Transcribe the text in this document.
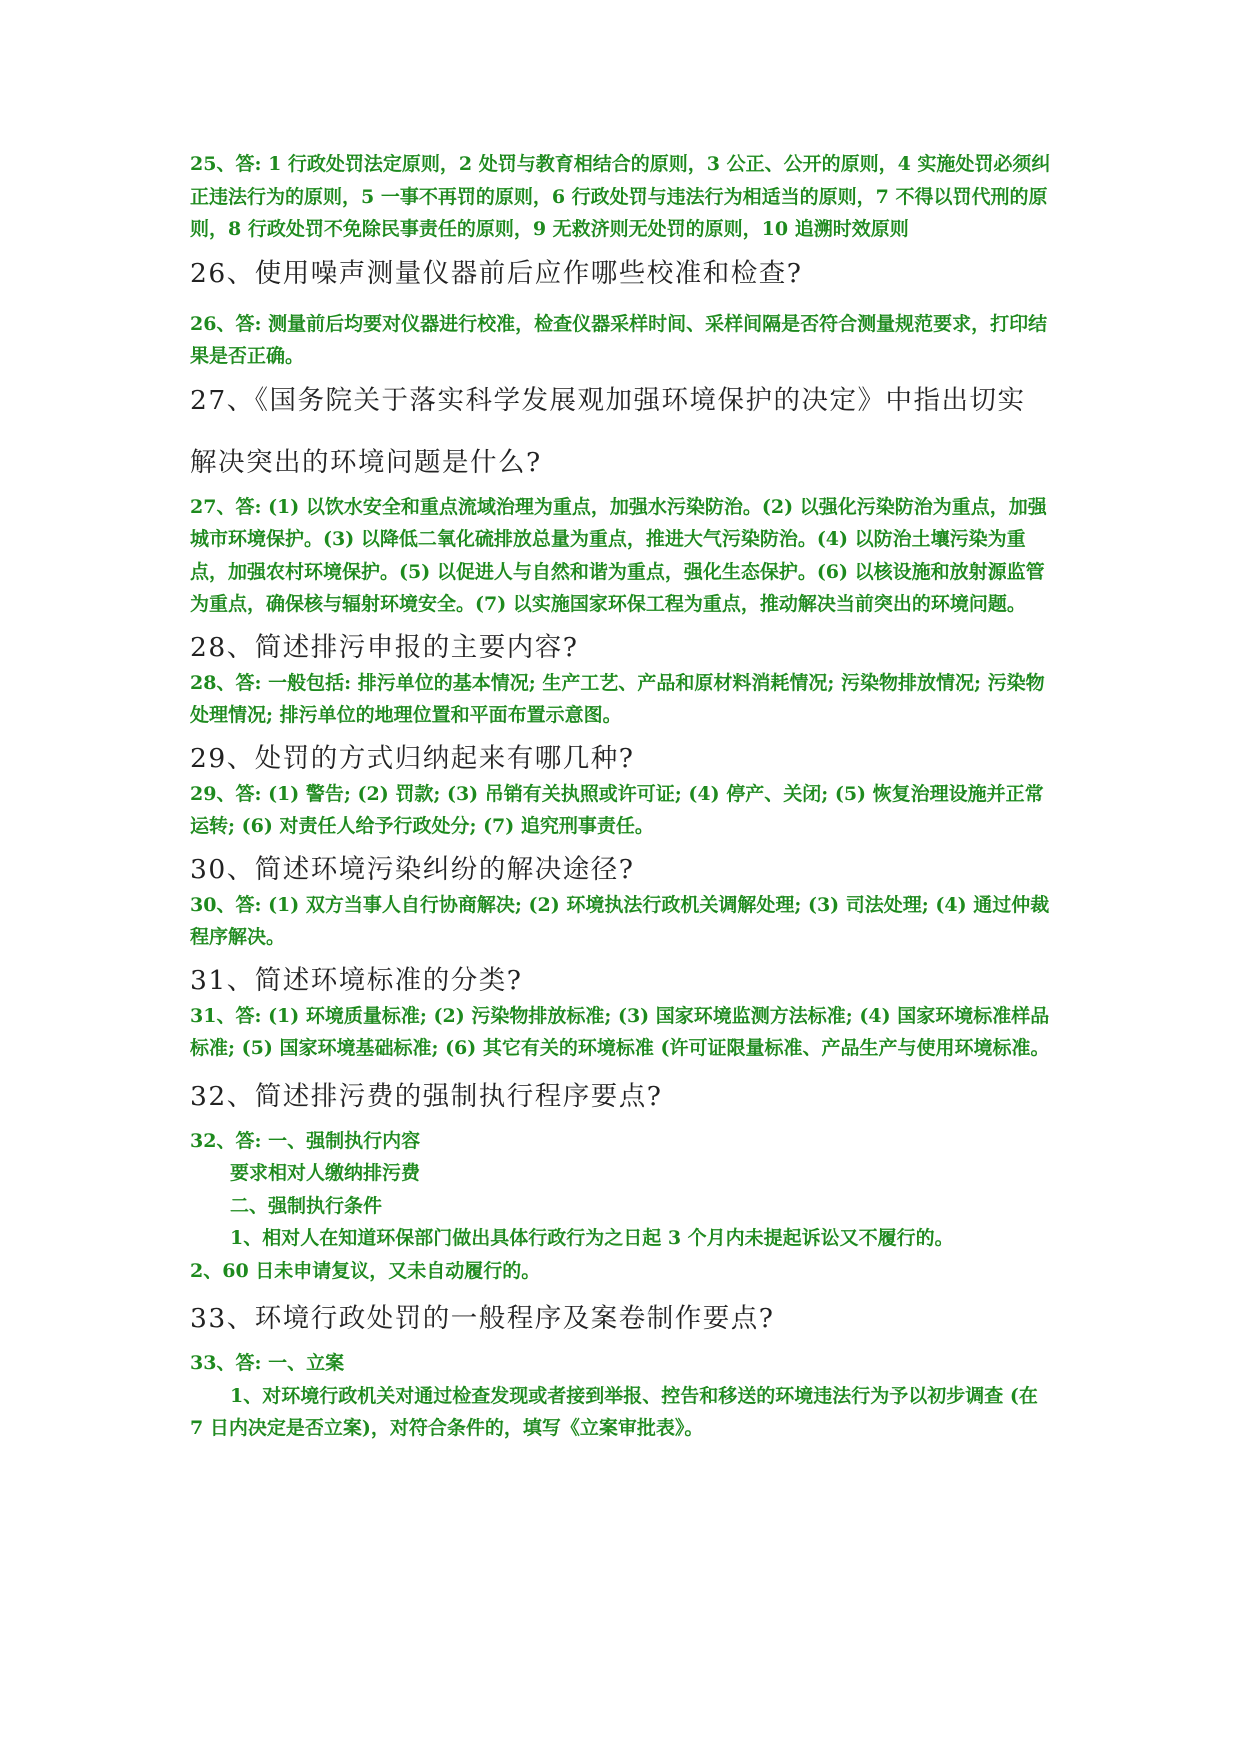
25、答: 1 行政处罚法定原则，2 处罚与教育相结合的原则，3 公正、公开的原则，4 实施处罚必须纠正违法行为的原则，5 一事不再罚的原则，6 行政处罚与违法行为相适当的原则，7 不得以罚代刑的原则，8 行政处罚不免除民事责任的原则，9 无救济则无处罚的原则，10 追溯时效原则

26、使用噪声测量仪器前后应作哪些校准和检查?

26、答: 测量前后均要对仪器进行校准，检查仪器采样时间、采样间隔是否符合测量规范要求，打印结果是否正确。

27、《国务院关于落实科学发展观加强环境保护的决定》中指出切实

解决突出的环境问题是什么?

27、答: (1) 以饮水安全和重点流域治理为重点，加强水污染防治。(2) 以强化污染防治为重点，加强城市环境保护。(3) 以降低二氧化硫排放总量为重点，推进大气污染防治。(4) 以防治土壤污染为重点，加强农村环境保护。(5) 以促进人与自然和谐为重点，强化生态保护。(6) 以核设施和放射源监管为重点，确保核与辐射环境安全。(7) 以实施国家环保工程为重点，推动解决当前突出的环境问题。

28、简述排污申报的主要内容?

28、答: 一般包括: 排污单位的基本情况; 生产工艺、产品和原材料消耗情况; 污染物排放情况; 污染物处理情况; 排污单位的地理位置和平面布置示意图。

29、处罚的方式归纳起来有哪几种?

29、答: (1) 警告; (2) 罚款; (3) 吊销有关执照或许可证; (4) 停产、关闭; (5) 恢复治理设施并正常运转; (6) 对责任人给予行政处分; (7) 追究刑事责任。

30、简述环境污染纠纷的解决途径?

30、答: (1) 双方当事人自行协商解决; (2) 环境执法行政机关调解处理; (3) 司法处理; (4) 通过仲裁程序解决。

31、简述环境标准的分类?

31、答: (1) 环境质量标准; (2) 污染物排放标准; (3) 国家环境监测方法标准; (4) 国家环境标准样品标准; (5) 国家环境基础标准; (6) 其它有关的环境标准 (许可证限量标准、产品生产与使用环境标准。

32、简述排污费的强制执行程序要点?

32、答: 一、强制执行内容

要求相对人缴纳排污费

二、强制执行条件

1、相对人在知道环保部门做出具体行政行为之日起 3 个月内未提起诉讼又不履行的。

2、60 日未申请复议，又未自动履行的。

33、环境行政处罚的一般程序及案卷制作要点?

33、答: 一、立案

1、对环境行政机关对通过检查发现或者接到举报、控告和移送的环境违法行为予以初步调查 (在 7 日内决定是否立案)，对符合条件的，填写《立案审批表》。
